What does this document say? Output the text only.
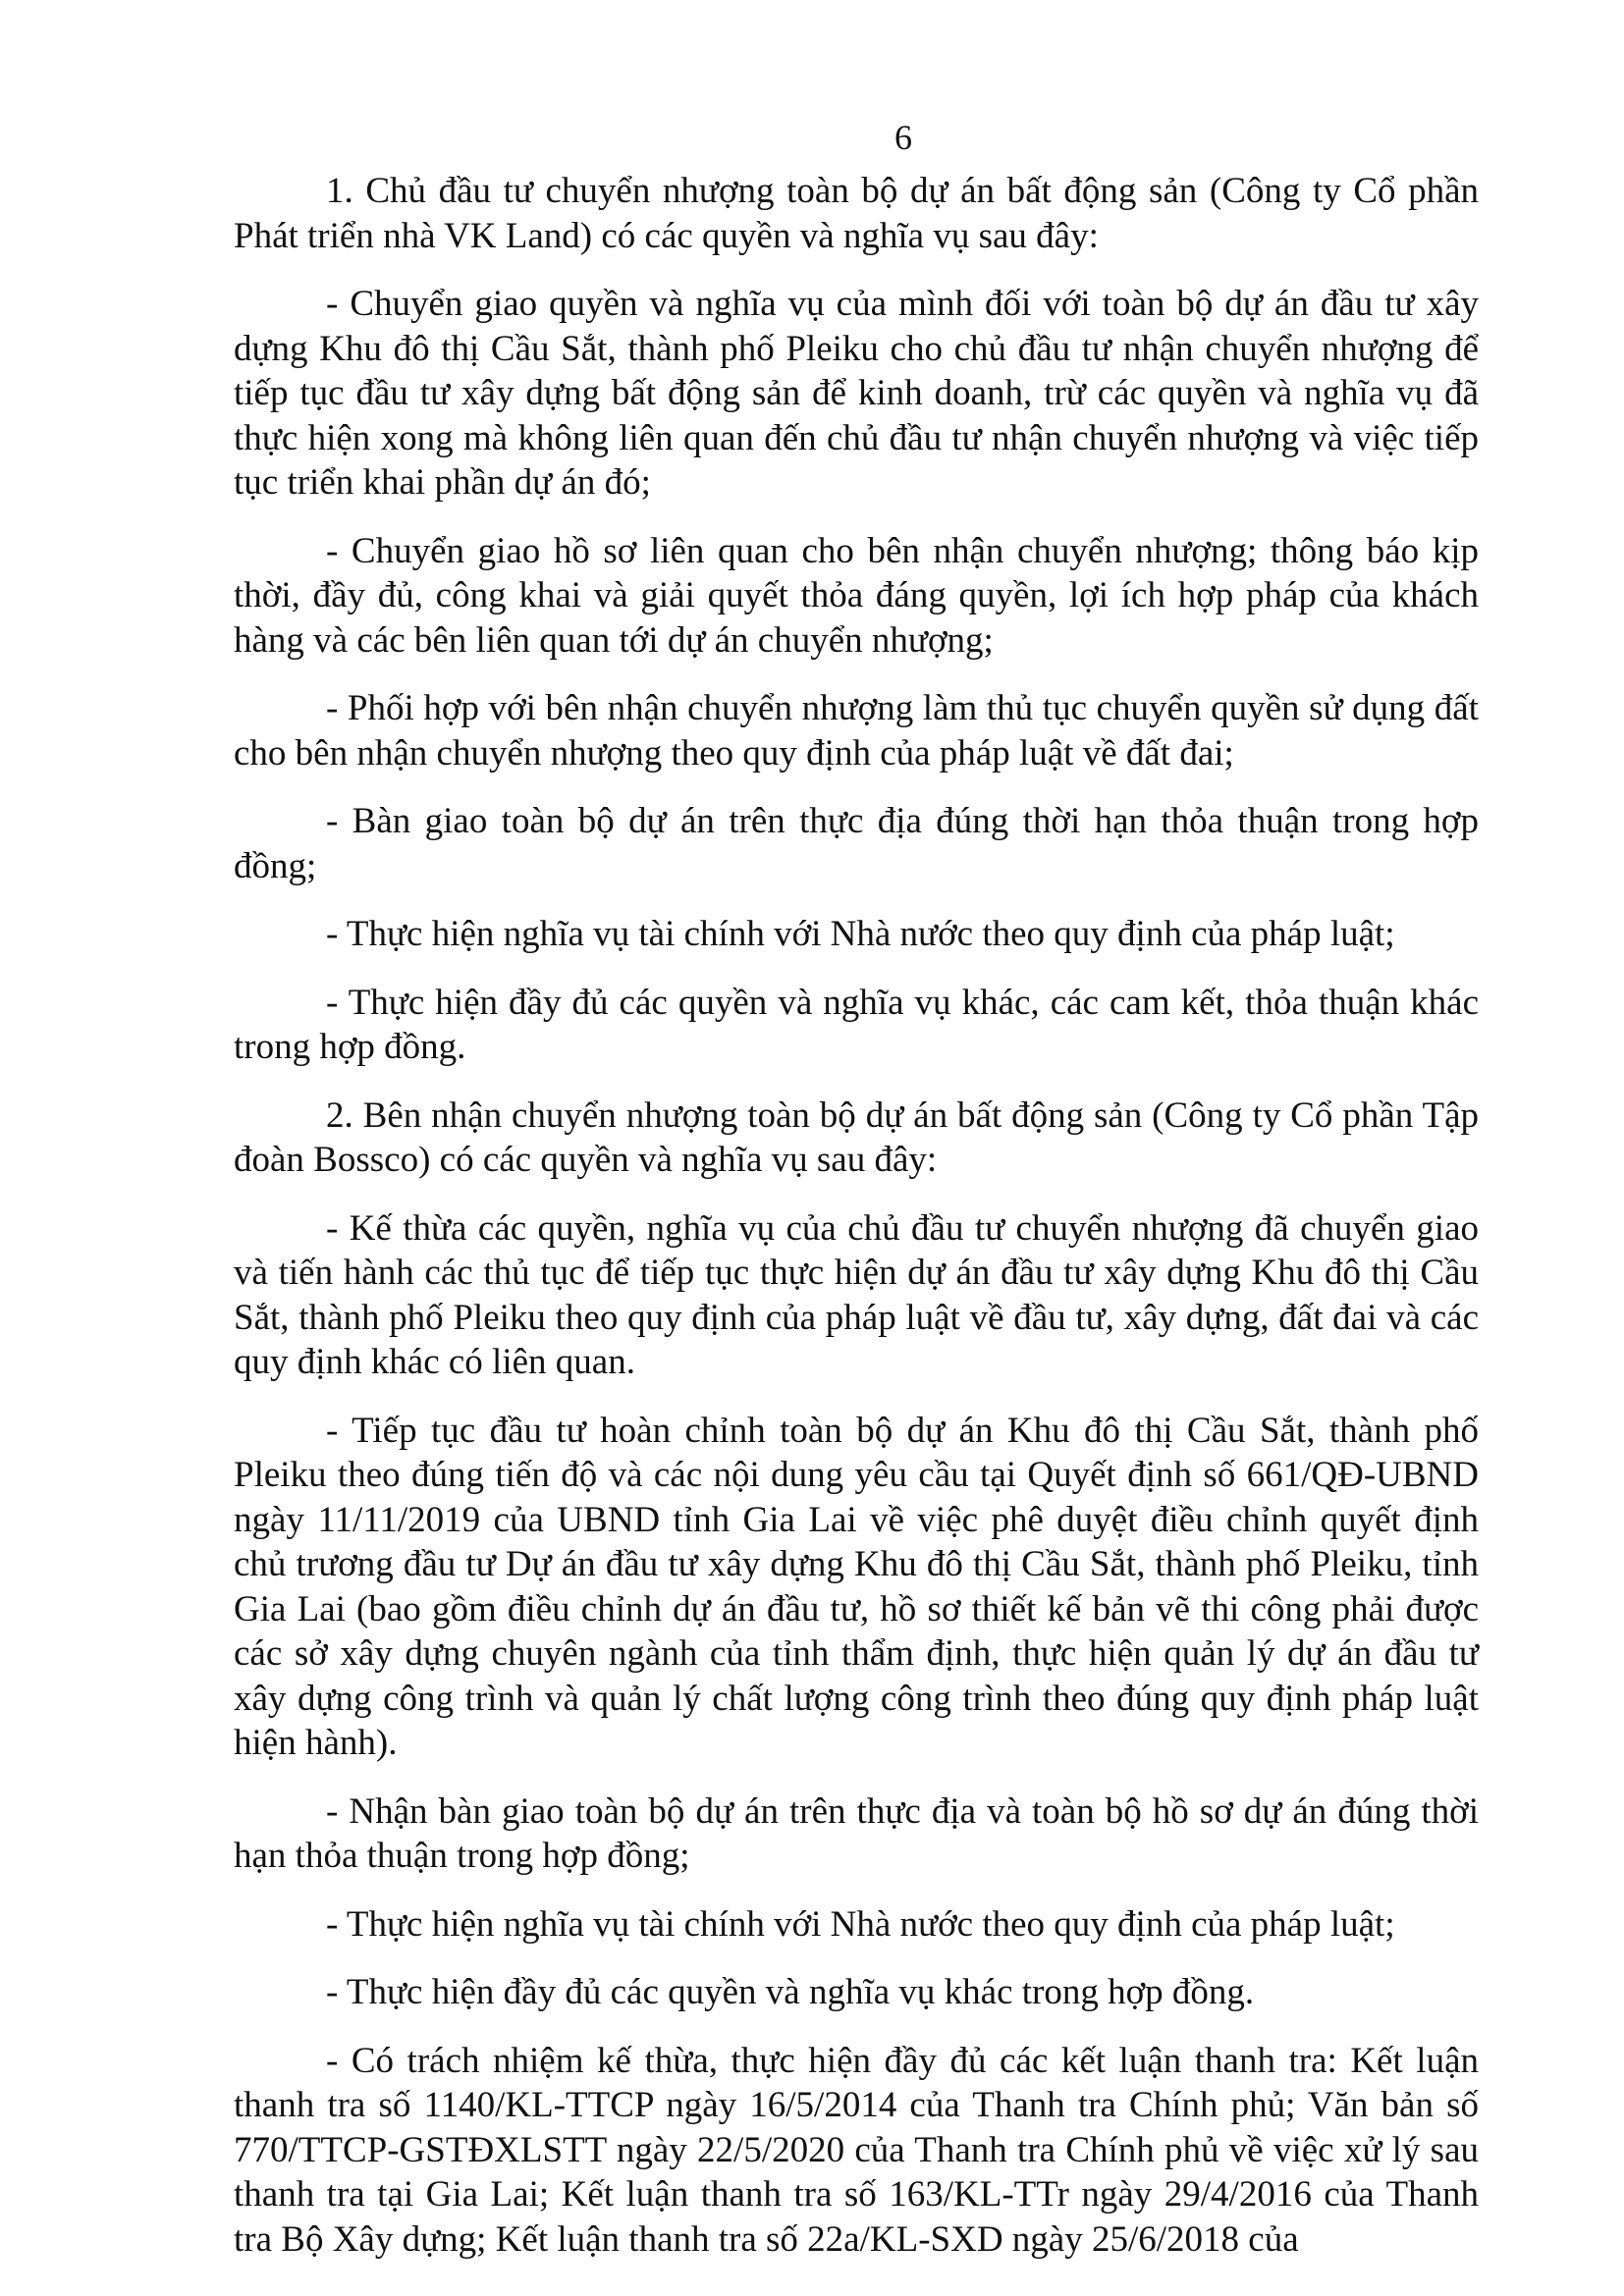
6

1. Chủ đầu tư chuyển nhượng toàn bộ dự án bất động sản (Công ty Cổ phần Phát triển nhà VK Land) có các quyền và nghĩa vụ sau đây:

- Chuyển giao quyền và nghĩa vụ của mình đối với toàn bộ dự án đầu tư xây dựng Khu đô thị Cầu Sắt, thành phố Pleiku cho chủ đầu tư nhận chuyển nhượng để tiếp tục đầu tư xây dựng bất động sản để kinh doanh, trừ các quyền và nghĩa vụ đã thực hiện xong mà không liên quan đến chủ đầu tư nhận chuyển nhượng và việc tiếp tục triển khai phần dự án đó;

- Chuyển giao hồ sơ liên quan cho bên nhận chuyển nhượng; thông báo kịp thời, đầy đủ, công khai và giải quyết thỏa đáng quyền, lợi ích hợp pháp của khách hàng và các bên liên quan tới dự án chuyển nhượng;

- Phối hợp với bên nhận chuyển nhượng làm thủ tục chuyển quyền sử dụng đất cho bên nhận chuyển nhượng theo quy định của pháp luật về đất đai;

- Bàn giao toàn bộ dự án trên thực địa đúng thời hạn thỏa thuận trong hợp đồng;

- Thực hiện nghĩa vụ tài chính với Nhà nước theo quy định của pháp luật;

- Thực hiện đầy đủ các quyền và nghĩa vụ khác, các cam kết, thỏa thuận khác trong hợp đồng.

2. Bên nhận chuyển nhượng toàn bộ dự án bất động sản (Công ty Cổ phần Tập đoàn Bossco) có các quyền và nghĩa vụ sau đây:

- Kế thừa các quyền, nghĩa vụ của chủ đầu tư chuyển nhượng đã chuyển giao và tiến hành các thủ tục để tiếp tục thực hiện dự án đầu tư xây dựng Khu đô thị Cầu Sắt, thành phố Pleiku theo quy định của pháp luật về đầu tư, xây dựng, đất đai và các quy định khác có liên quan.

- Tiếp tục đầu tư hoàn chỉnh toàn bộ dự án Khu đô thị Cầu Sắt, thành phố Pleiku theo đúng tiến độ và các nội dung yêu cầu tại Quyết định số 661/QĐ-UBND ngày 11/11/2019 của UBND tỉnh Gia Lai về việc phê duyệt điều chỉnh quyết định chủ trương đầu tư Dự án đầu tư xây dựng Khu đô thị Cầu Sắt, thành phố Pleiku, tỉnh Gia Lai (bao gồm điều chỉnh dự án đầu tư, hồ sơ thiết kế bản vẽ thi công phải được các sở xây dựng chuyên ngành của tỉnh thẩm định, thực hiện quản lý dự án đầu tư xây dựng công trình và quản lý chất lượng công trình theo đúng quy định pháp luật hiện hành).

- Nhận bàn giao toàn bộ dự án trên thực địa và toàn bộ hồ sơ dự án đúng thời hạn thỏa thuận trong hợp đồng;

- Thực hiện nghĩa vụ tài chính với Nhà nước theo quy định của pháp luật;

- Thực hiện đầy đủ các quyền và nghĩa vụ khác trong hợp đồng.

- Có trách nhiệm kế thừa, thực hiện đầy đủ các kết luận thanh tra: Kết luận thanh tra số 1140/KL-TTCP ngày 16/5/2014 của Thanh tra Chính phủ; Văn bản số 770/TTCP-GSTĐXLSTT ngày 22/5/2020 của Thanh tra Chính phủ về việc xử lý sau thanh tra tại Gia Lai; Kết luận thanh tra số 163/KL-TTr ngày 29/4/2016 của Thanh tra Bộ Xây dựng; Kết luận thanh tra số 22a/KL-SXD ngày 25/6/2018 của
